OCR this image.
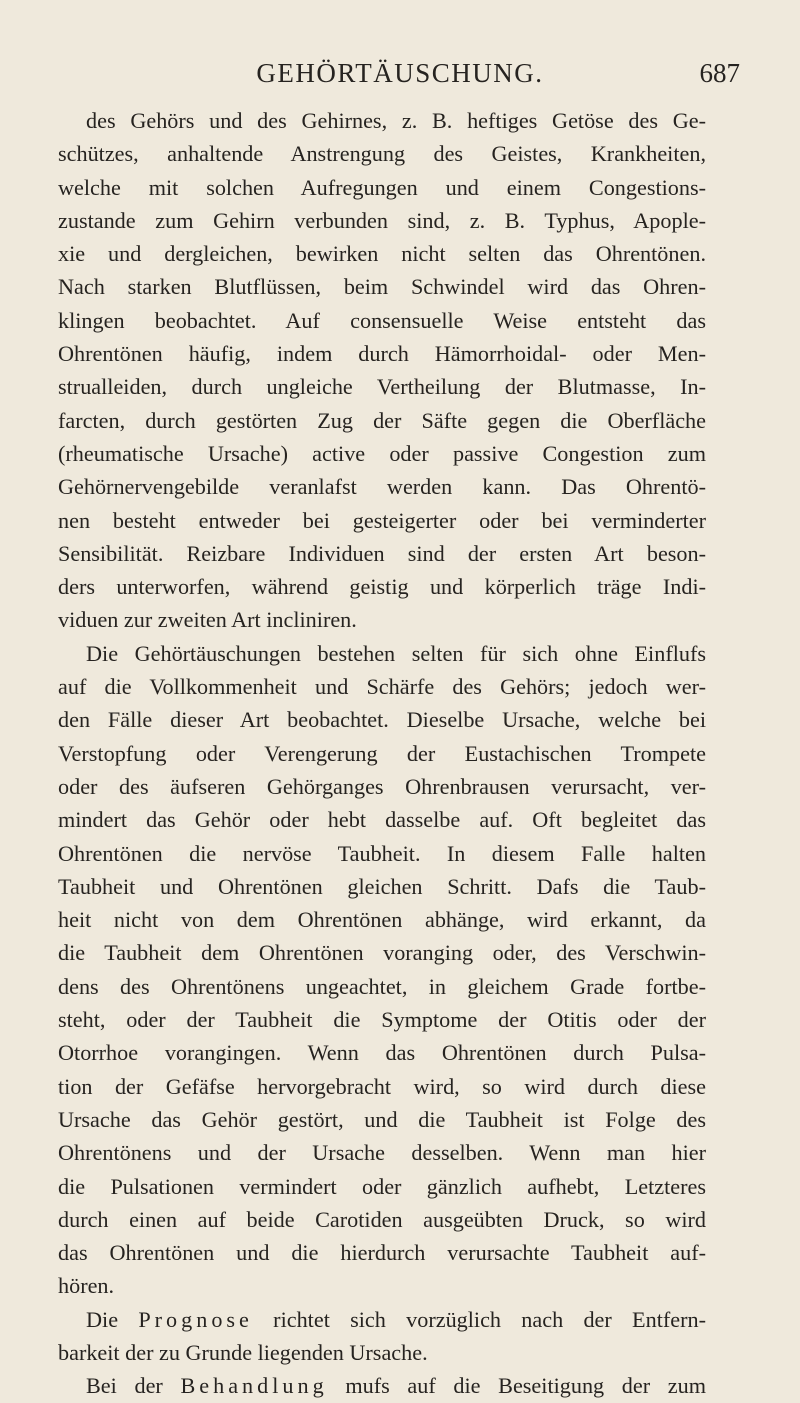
GEHÖRTÄUSCHUNG.	687
des Gehörs und des Gehirnes, z. B. heftiges Getöse des Ge-
schützes, anhaltende Anstrengung des Geistes, Krankheiten,
welche mit solchen Aufregungen und einem Congestions-
zustande zum Gehirn verbunden sind, z. B. Typhus, Apople-
xie und dergleichen, bewirken nicht selten das Ohrentönen.
Nach starken Blutflüssen, beim Schwindel wird das Ohren-
klingen beobachtet. Auf consensuelle Weise entsteht das
Ohrentönen häufig, indem durch Hämorrhoidal- oder Men-
strualleiden, durch ungleiche Vertheilung der Blutmasse, In-
farcten, durch gestörten Zug der Säfte gegen die Oberfläche
(rheumatische Ursache) active oder passive Congestion zum
Gehörnervengebilde veranlafst werden kann. Das Ohrentö-
nen besteht entweder bei gesteigerter oder bei verminderter
Sensibilität. Reizbare Individuen sind der ersten Art beson-
ders unterworfen, während geistig und körperlich träge Indi-
viduen zur zweiten Art incliniren.
Die Gehörtäuschungen bestehen selten für sich ohne Einflufs
auf die Vollkommenheit und Schärfe des Gehörs; jedoch wer-
den Fälle dieser Art beobachtet. Dieselbe Ursache, welche bei
Verstopfung oder Verengerung der Eustachischen Trompete
oder des äufseren Gehörganges Ohrenbrausen verursacht, ver-
mindert das Gehör oder hebt dasselbe auf. Oft begleitet das
Ohrentönen die nervöse Taubheit. In diesem Falle halten
Taubheit und Ohrentönen gleichen Schritt. Dafs die Taub-
heit nicht von dem Ohrentönen abhänge, wird erkannt, da
die Taubheit dem Ohrentönen voranging oder, des Verschwin-
dens des Ohrentönens ungeachtet, in gleichem Grade fortbe-
steht, oder der Taubheit die Symptome der Otitis oder der
Otorrhoe vorangingen. Wenn das Ohrentönen durch Pulsa-
tion der Gefäfse hervorgebracht wird, so wird durch diese
Ursache das Gehör gestört, und die Taubheit ist Folge des
Ohrentönens und der Ursache desselben. Wenn man hier
die Pulsationen vermindert oder gänzlich aufhebt, Letzteres
durch einen auf beide Carotiden ausgeübten Druck, so wird
das Ohrentönen und die hierdurch verursachte Taubheit auf-
hören.
Die Prognose richtet sich vorzüglich nach der Entfern-
barkeit der zu Grunde liegenden Ursache.
Bei der Behandlung mufs auf die Beseitigung der zum
